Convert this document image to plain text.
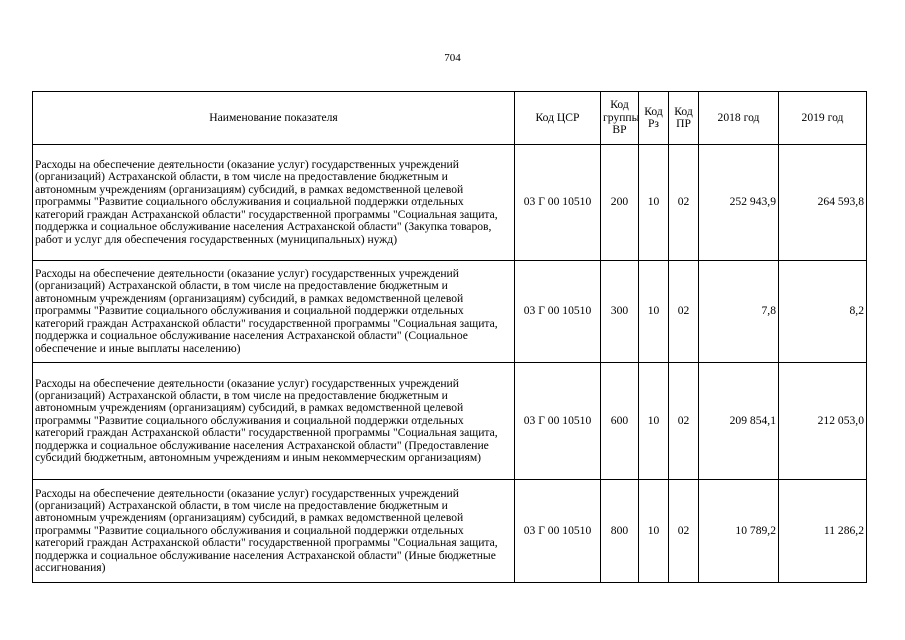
704
Наименование показателя	Код ЦСР	Код группы ВР	Код Рз	Код ПР	2018 год	2019 год
Расходы на обеспечение деятельности (оказание услуг) государственных учреждений (организаций) Астраханской области, в том числе на предоставление бюджетным и автономным учреждениям (организациям) субсидий, в рамках ведомственной целевой программы "Развитие социального обслуживания и социальной поддержки отдельных категорий граждан Астраханской области" государственной программы "Социальная защита, поддержка и социальное обслуживание населения Астраханской области" (Закупка товаров, работ и услуг для обеспечения государственных (муниципальных) нужд)	03 Г 00 10510	200	10	02	252 943,9	264 593,8
Расходы на обеспечение деятельности (оказание услуг) государственных учреждений (организаций) Астраханской области, в том числе на предоставление бюджетным и автономным учреждениям (организациям) субсидий, в рамках ведомственной целевой программы "Развитие социального обслуживания и социальной поддержки отдельных категорий граждан Астраханской области" государственной программы "Социальная защита, поддержка и социальное обслуживание населения Астраханской области" (Социальное обеспечение и иные выплаты населению)	03 Г 00 10510	300	10	02	7,8	8,2
Расходы на обеспечение деятельности (оказание услуг) государственных учреждений (организаций) Астраханской области, в том числе на предоставление бюджетным и автономным учреждениям (организациям) субсидий, в рамках ведомственной целевой программы "Развитие социального обслуживания и социальной поддержки отдельных категорий граждан Астраханской области" государственной программы "Социальная защита, поддержка и социальное обслуживание населения Астраханской области" (Предоставление субсидий бюджетным, автономным учреждениям и иным некоммерческим организациям)	03 Г 00 10510	600	10	02	209 854,1	212 053,0
Расходы на обеспечение деятельности (оказание услуг) государственных учреждений (организаций) Астраханской области, в том числе на предоставление бюджетным и автономным учреждениям (организациям) субсидий, в рамках ведомственной целевой программы "Развитие социального обслуживания и социальной поддержки отдельных категорий граждан Астраханской области" государственной программы "Социальная защита, поддержка и социальное обслуживание населения Астраханской области" (Иные бюджетные ассигнования)	03 Г 00 10510	800	10	02	10 789,2	11 286,2
